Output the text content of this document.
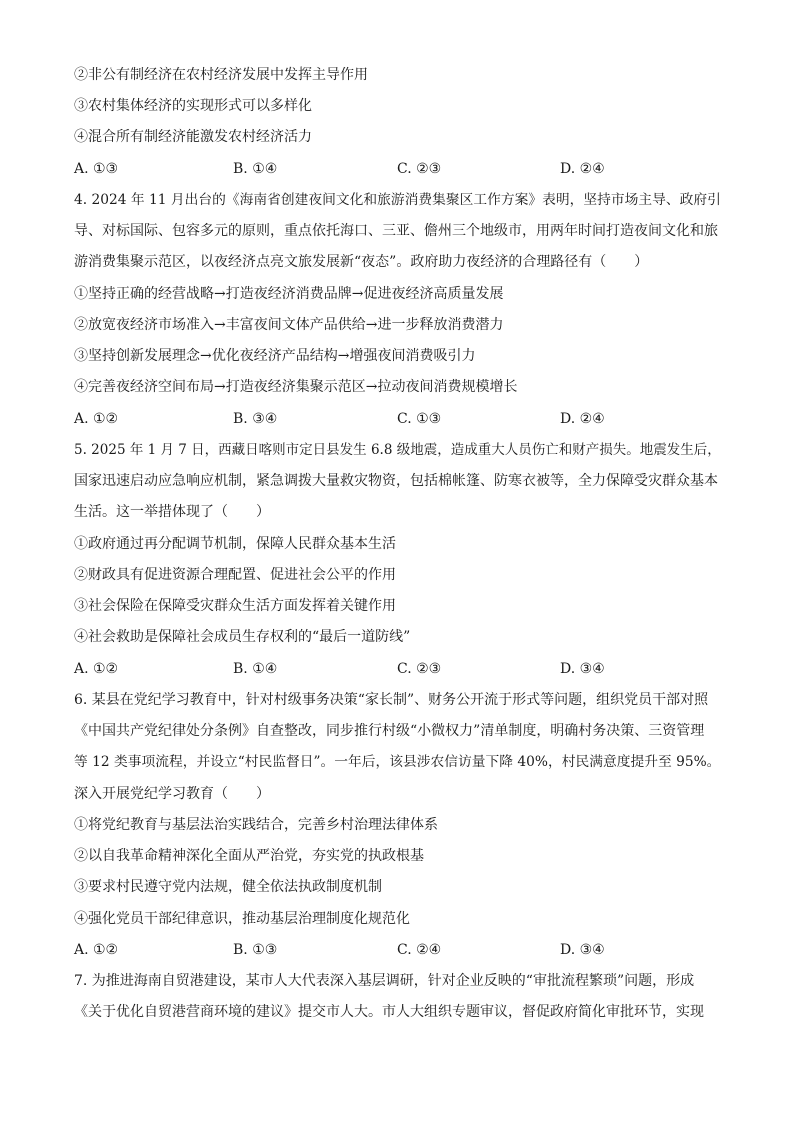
②非公有制经济在农村经济发展中发挥主导作用
③农村集体经济的实现形式可以多样化
④混合所有制经济能激发农村经济活力
A. ①③	B. ①④	C. ②③	D. ②④
4. 2024 年 11 月出台的《海南省创建夜间文化和旅游消费集聚区工作方案》表明，坚持市场主导、政府引
导、对标国际、包容多元的原则，重点依托海口、三亚、儋州三个地级市，用两年时间打造夜间文化和旅
游消费集聚示范区，以夜经济点亮文旅发展新“夜态”。政府助力夜经济的合理路径有（　　）
①坚持正确的经营战略→打造夜经济消费品牌→促进夜经济高质量发展
②放宽夜经济市场准入→丰富夜间文体产品供给→进一步释放消费潜力
③坚持创新发展理念→优化夜经济产品结构→增强夜间消费吸引力
④完善夜经济空间布局→打造夜经济集聚示范区→拉动夜间消费规模增长
A. ①②	B. ③④	C. ①③	D. ②④
5. 2025 年 1 月 7 日，西藏日喀则市定日县发生 6.8 级地震，造成重大人员伤亡和财产损失。地震发生后，
国家迅速启动应急响应机制，紧急调拨大量救灾物资，包括棉帐篷、防寒衣被等，全力保障受灾群众基本
生活。这一举措体现了（　　）
①政府通过再分配调节机制，保障人民群众基本生活
②财政具有促进资源合理配置、促进社会公平的作用
③社会保险在保障受灾群众生活方面发挥着关键作用
④社会救助是保障社会成员生存权利的“最后一道防线”
A. ①②	B. ①④	C. ②③	D. ③④
6. 某县在党纪学习教育中，针对村级事务决策“家长制”、财务公开流于形式等问题，组织党员干部对照
《中国共产党纪律处分条例》自查整改，同步推行村级“小微权力”清单制度，明确村务决策、三资管理
等 12 类事项流程，并设立“村民监督日”。一年后，该县涉农信访量下降 40%，村民满意度提升至 95%。
深入开展党纪学习教育（　　）
①将党纪教育与基层法治实践结合，完善乡村治理法律体系
②以自我革命精神深化全面从严治党，夯实党的执政根基
③要求村民遵守党内法规，健全依法执政制度机制
④强化党员干部纪律意识，推动基层治理制度化规范化
A. ①②	B. ①③	C. ②④	D. ③④
7. 为推进海南自贸港建设，某市人大代表深入基层调研，针对企业反映的“审批流程繁琐”问题，形成
《关于优化自贸港营商环境的建议》提交市人大。市人大组织专题审议，督促政府简化审批环节，实现
